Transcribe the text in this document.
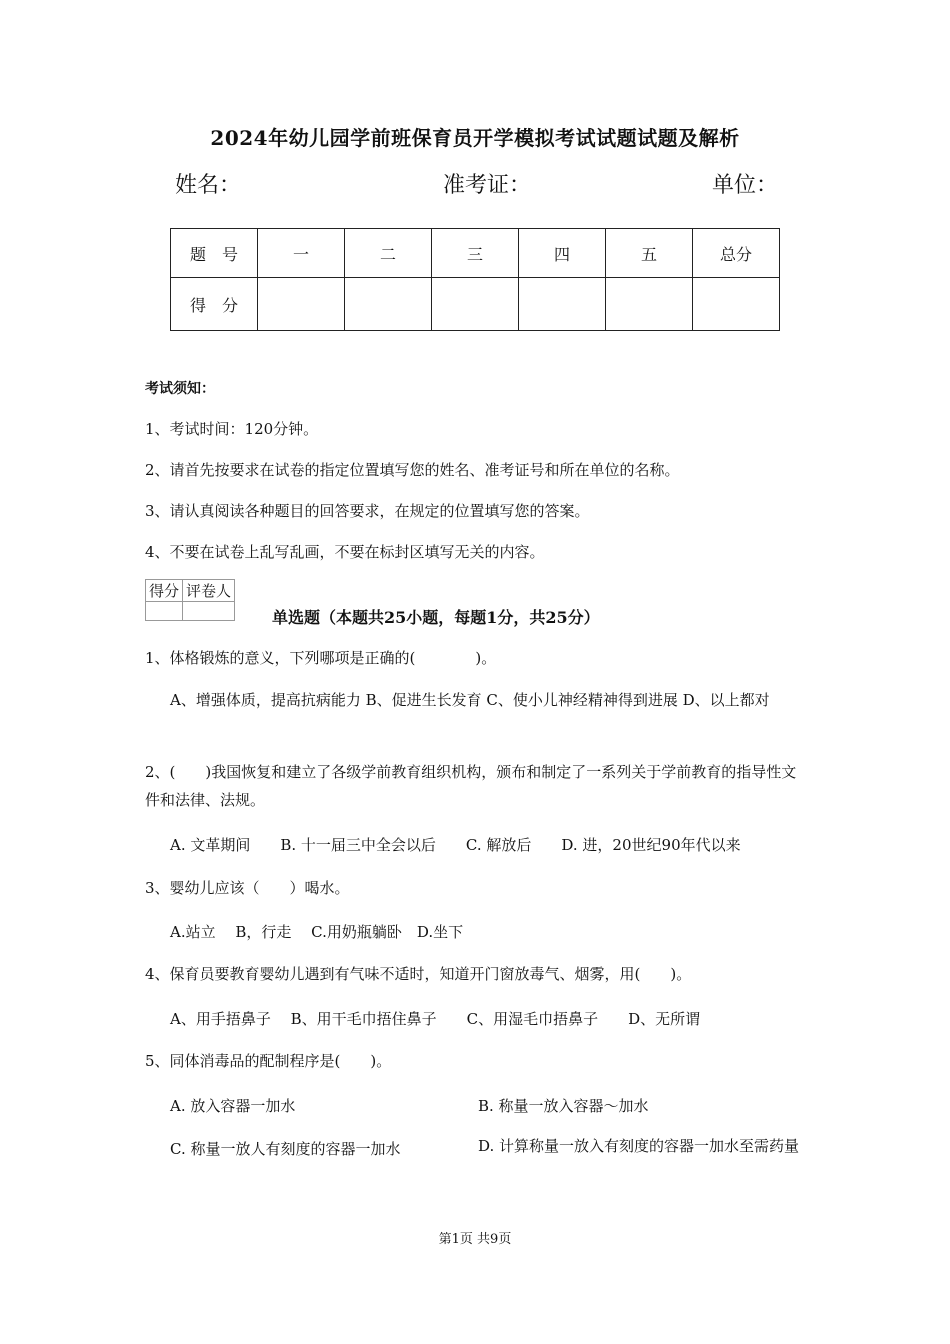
2024年幼儿园学前班保育员开学模拟考试试题试题及解析
姓名：	准考证：	单位：
题　号	一	二	三	四	五	总分
得　分						
考试须知：
1、考试时间：120分钟。
2、请首先按要求在试卷的指定位置填写您的姓名、准考证号和所在单位的名称。
3、请认真阅读各种题目的回答要求，在规定的位置填写您的答案。
4、不要在试卷上乱写乱画，不要在标封区填写无关的内容。
得分	评卷人

单选题（本题共25小题，每题1分，共25分）
1、体格锻炼的意义，下列哪项是正确的(　　　　)。
A、增强体质，提高抗病能力 B、促进生长发育 C、使小儿神经精神得到进展 D、以上都对
2、(　　)我国恢复和建立了各级学前教育组织机构，颁布和制定了一系列关于学前教育的指导性文件和法律、法规。
A. 文革期间　　B. 十一届三中全会以后　　C. 解放后　　D. 进，20世纪90年代以来
3、婴幼儿应该（　　）喝水。
A.站立　 B，行走　 C.用奶瓶躺卧　D.坐下
4、保育员要教育婴幼儿遇到有气味不适时，知道开门窗放毒气、烟雾，用(　　)。
A、用手捂鼻子　 B、用干毛巾捂住鼻子　　C、用湿毛巾捂鼻子　　D、无所谓
5、同体消毒品的配制程序是(　　)。
A. 放入容器一加水	B. 称量一放入容器～加水
C. 称量一放人有刻度的容器一加水	D. 计算称量一放入有刻度的容器一加水至需药量
第1页 共9页
